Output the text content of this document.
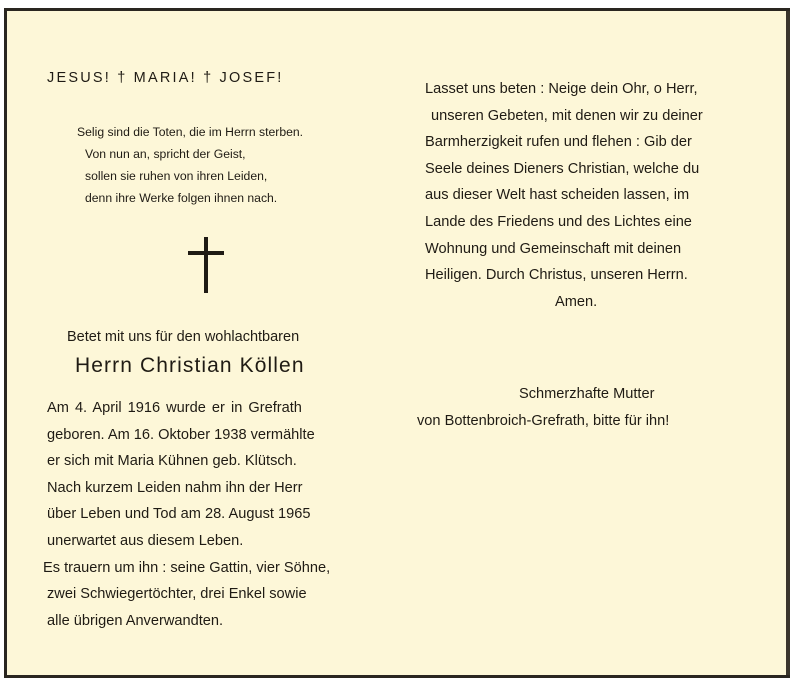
JESUS! † MARIA! † JOSEF!
Selig sind die Toten, die im Herrn sterben.
Von nun an, spricht der Geist,
sollen sie ruhen von ihren Leiden,
denn ihre Werke folgen ihnen nach.
Betet mit uns für den wohlachtbaren
Herrn Christian Köllen
Am 4. April 1916 wurde er in Grefrath
geboren. Am 16. Oktober 1938 vermählte
er sich mit Maria Kühnen geb. Klütsch.
Nach kurzem Leiden nahm ihn der Herr
über Leben und Tod am 28. August 1965
unerwartet aus diesem Leben.
Es trauern um ihn : seine Gattin, vier Söhne,
zwei Schwiegertöchter, drei Enkel sowie
alle übrigen Anverwandten.
Lasset uns beten : Neige dein Ohr, o Herr,
unseren Gebeten, mit denen wir zu deiner
Barmherzigkeit rufen und flehen : Gib der
Seele deines Dieners Christian, welche du
aus dieser Welt hast scheiden lassen, im
Lande des Friedens und des Lichtes eine
Wohnung und Gemeinschaft mit deinen
Heiligen. Durch Christus, unseren Herrn.
Amen.
Schmerzhafte Mutter
von Bottenbroich-Grefrath, bitte für ihn!
